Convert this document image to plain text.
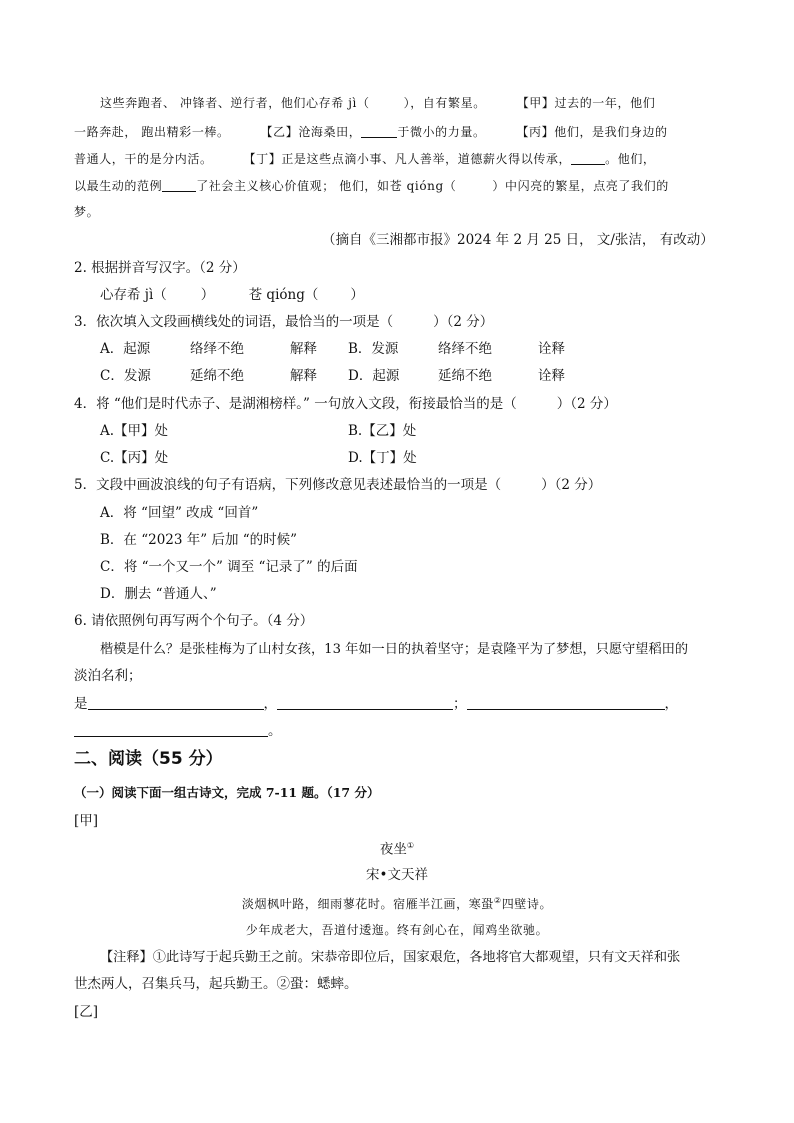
这些奔跑者、 冲锋者、逆行者，他们心存希 jì（	），自有繁星。	【甲】过去的一年，他们
一路奔赴， 跑出精彩一棒。	【乙】沧海桑田，	于微小的力量。	【丙】他们，是我们身边的
普通人，干的是分内活。	【丁】正是这些点滴小事、凡人善举，道德薪火得以传承，	。他们，
以最生动的范例	了社会主义核心价值观； 他们，如苍 qióng（	）中闪亮的繁星，点亮了我们的
梦。
（摘自《三湘都市报》2024 年 2 月 25 日， 文/张洁， 有改动）
2. 根据拼音写汉字。（2 分）
心存希 jì（	）	苍 qióng（ ）
3．依次填入文段画横线处的词语，最恰当的一项是（	）（2 分）
A．起源	络绎不绝	解释 B．发源	络绎不绝	诠释
C．发源	延绵不绝	解释 D．起源	延绵不绝	诠释
4．将 “他们是时代赤子、是湖湘榜样。” 一句放入文段，衔接最恰当的是（	）（2 分）
A.【甲】处	B.【乙】处
C.【丙】处	D.【丁】处
5．文段中画波浪线的句子有语病，下列修改意见表述最恰当的一项是（	）（2 分）
A．将 “回望” 改成 “回首”
B．在 “2023 年” 后加 “的时候”
C．将 “一个又一个” 调至 “记录了” 的后面
D．删去 “普通人、”
6. 请依照例句再写两个个句子。（4 分）
楷模是什么？是张桂梅为了山村女孩，13 年如一日的执着坚守；是袁隆平为了梦想，只愿守望稻田的
淡泊名利；
是	，	；	，
。
二、阅读（55 分）
（一）阅读下面一组古诗文，完成 7-11 题。（17 分）
[甲]
夜坐①
宋•文天祥
淡烟枫叶路，细雨蓼花时。宿雁半江画，寒蛩②四壁诗。
少年成老大，吾道付逶迤。终有剑心在，闻鸡坐欲驰。
【注释】①此诗写于起兵勤王之前。宋恭帝即位后，国家艰危，各地将官大都观望，只有文天祥和张
世杰两人，召集兵马，起兵勤王。②蛩：蟋蟀。
[乙]
